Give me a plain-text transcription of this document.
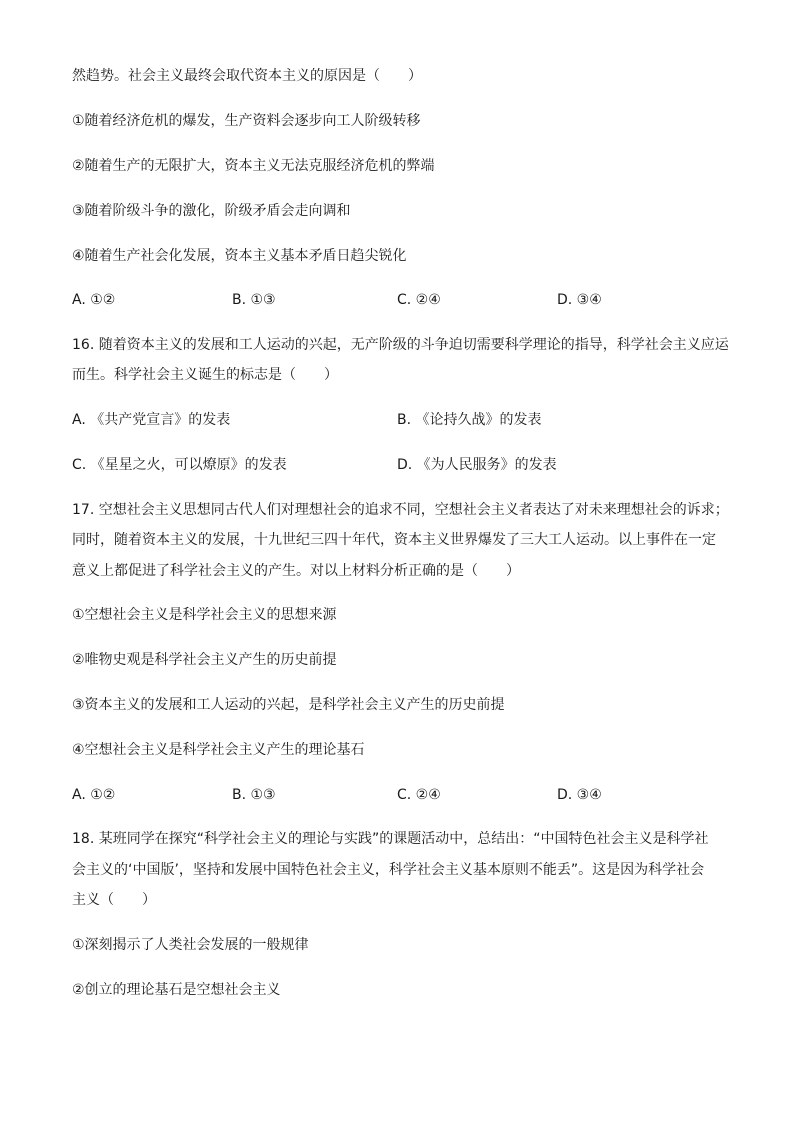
然趋势。社会主义最终会取代资本主义的原因是（　　）
①随着经济危机的爆发，生产资料会逐步向工人阶级转移
②随着生产的无限扩大，资本主义无法克服经济危机的弊端
③随着阶级斗争的激化，阶级矛盾会走向调和
④随着生产社会化发展，资本主义基本矛盾日趋尖锐化
A. ①②	B. ①③	C. ②④	D. ③④
16. 随着资本主义的发展和工人运动的兴起，无产阶级的斗争迫切需要科学理论的指导，科学社会主义应运
而生。科学社会主义诞生的标志是（　　）
A. 《共产党宣言》的发表	B. 《论持久战》的发表
C. 《星星之火，可以燎原》的发表	D. 《为人民服务》的发表
17. 空想社会主义思想同古代人们对理想社会的追求不同，空想社会主义者表达了对未来理想社会的诉求；
同时，随着资本主义的发展，十九世纪三四十年代，资本主义世界爆发了三大工人运动。以上事件在一定
意义上都促进了科学社会主义的产生。对以上材料分析正确的是（　　）
①空想社会主义是科学社会主义的思想来源
②唯物史观是科学社会主义产生的历史前提
③资本主义的发展和工人运动的兴起，是科学社会主义产生的历史前提
④空想社会主义是科学社会主义产生的理论基石
A. ①②	B. ①③	C. ②④	D. ③④
18. 某班同学在探究“科学社会主义的理论与实践”的课题活动中，总结出：“中国特色社会主义是科学社
会主义的‘中国版’，坚持和发展中国特色社会主义，科学社会主义基本原则不能丢”。这是因为科学社会
主义（　　）
①深刻揭示了人类社会发展的一般规律
②创立的理论基石是空想社会主义
